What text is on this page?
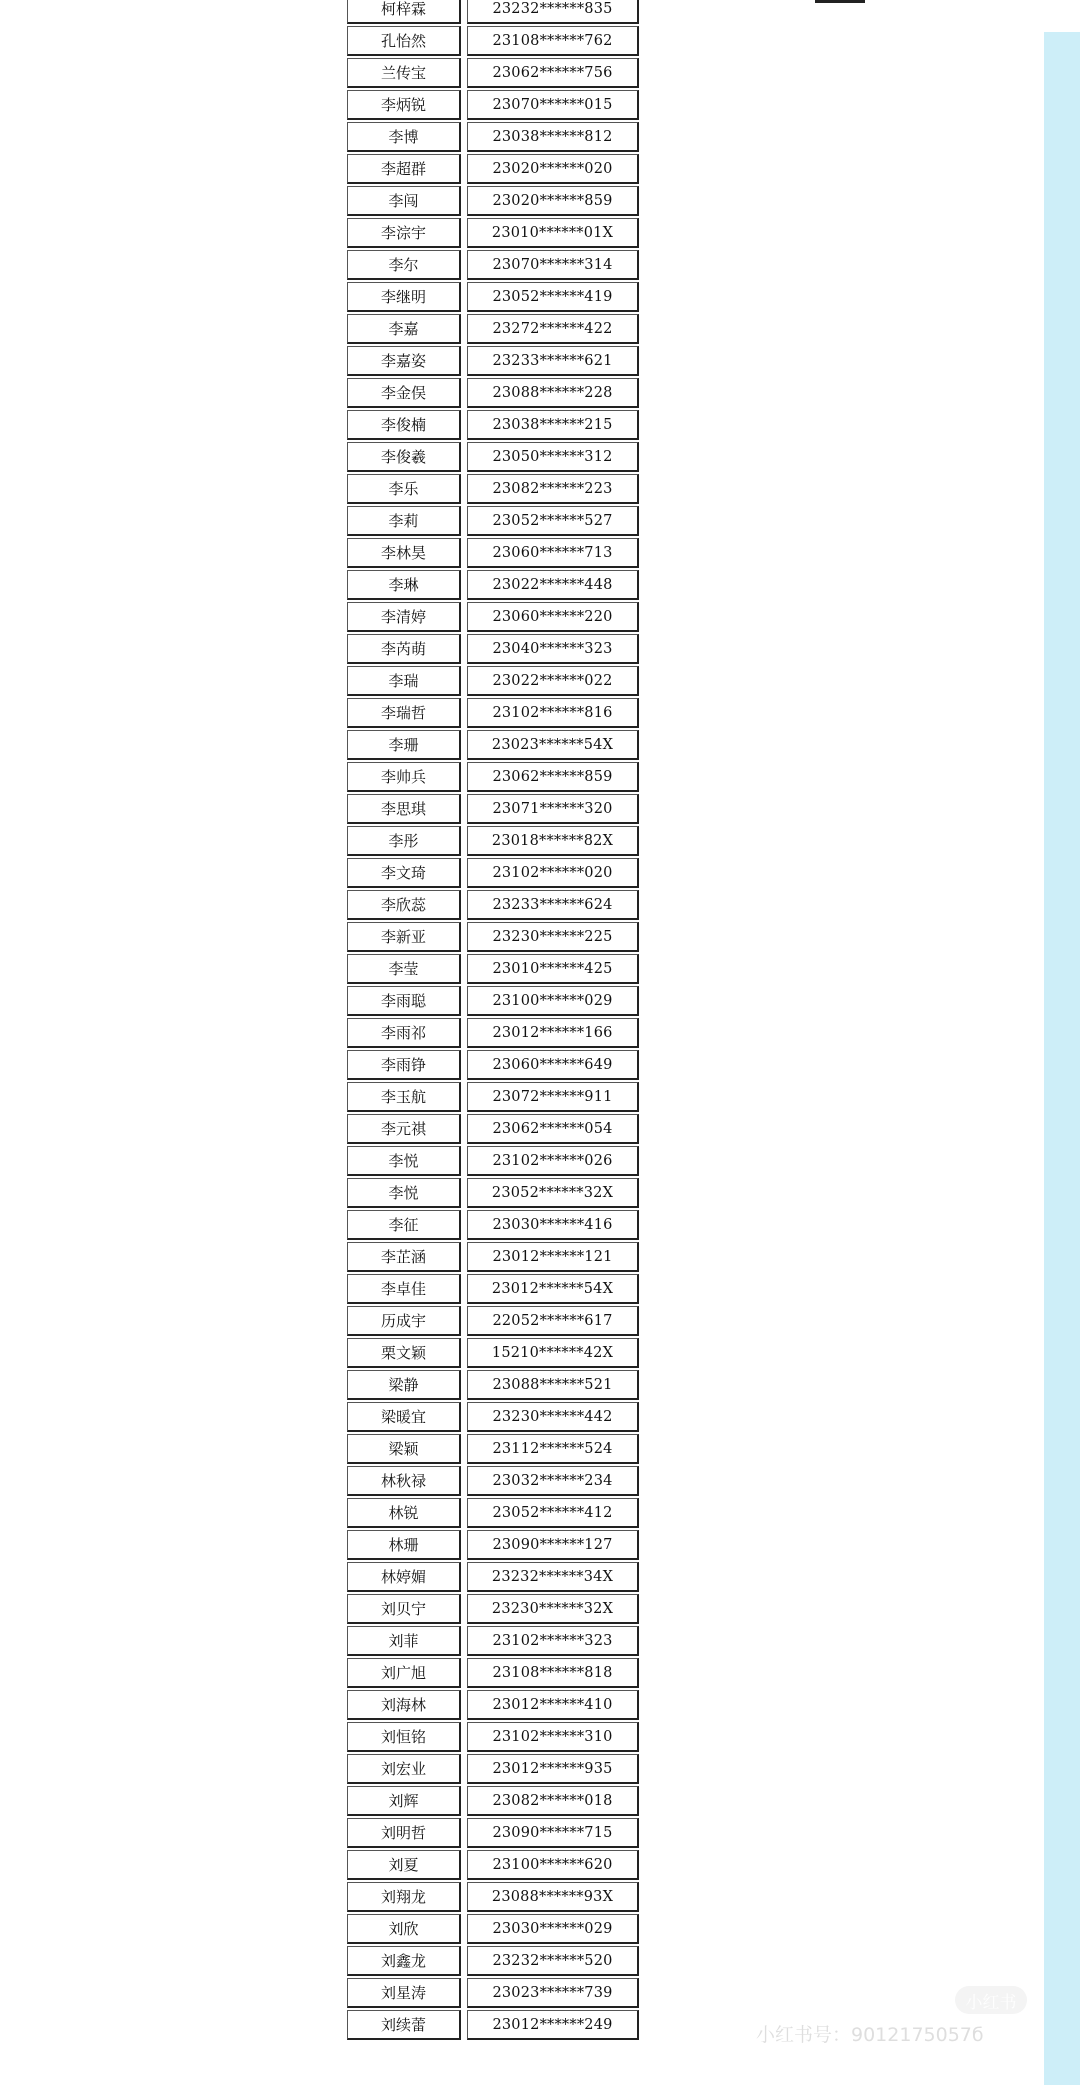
柯梓霖	23232******835
孔怡然	23108******762
兰传宝	23062******756
李炳锐	23070******015
李博	23038******812
李超群	23020******020
李闯	23020******859
李淙宇	23010******01X
李尔	23070******314
李继明	23052******419
李嘉	23272******422
李嘉姿	23233******621
李金俣	23088******228
李俊楠	23038******215
李俊羲	23050******312
李乐	23082******223
李莉	23052******527
李林昊	23060******713
李琳	23022******448
李清婷	23060******220
李芮萌	23040******323
李瑞	23022******022
李瑞哲	23102******816
李珊	23023******54X
李帅兵	23062******859
李思琪	23071******320
李彤	23018******82X
李文琦	23102******020
李欣蕊	23233******624
李新亚	23230******225
李莹	23010******425
李雨聪	23100******029
李雨祁	23012******166
李雨铮	23060******649
李玉航	23072******911
李元祺	23062******054
李悦	23102******026
李悦	23052******32X
李征	23030******416
李芷涵	23012******121
李卓佳	23012******54X
历成宇	22052******617
栗文颖	15210******42X
梁静	23088******521
梁暖宜	23230******442
梁颖	23112******524
林秋禄	23032******234
林锐	23052******412
林珊	23090******127
林婷媚	23232******34X
刘贝宁	23230******32X
刘菲	23102******323
刘广旭	23108******818
刘海林	23012******410
刘恒铭	23102******310
刘宏业	23012******935
刘辉	23082******018
刘明哲	23090******715
刘夏	23100******620
刘翔龙	23088******93X
刘欣	23030******029
刘鑫龙	23232******520
刘星涛	23023******739
刘续蕾	23012******249
小红书
小红书号：9012175057б
